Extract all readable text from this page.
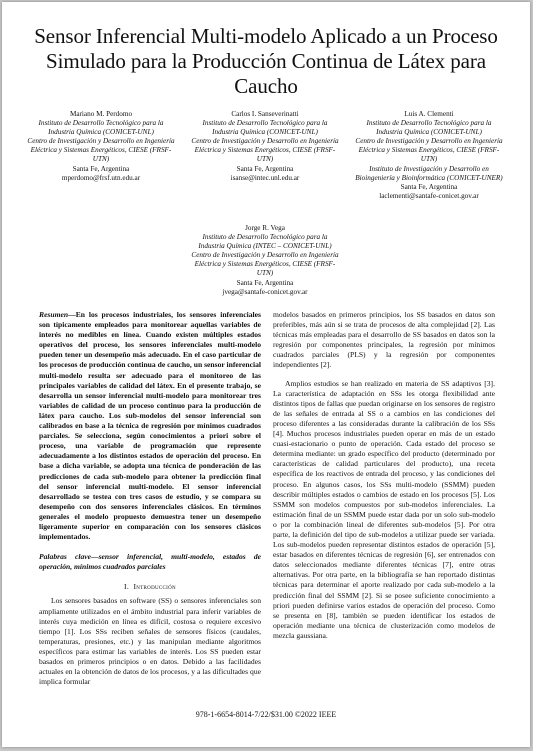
Sensor Inferencial Multi-modelo Aplicado a un Proceso Simulado para la Producción Continua de Látex para Caucho
Mariano M. Perdomo
Instituto de Desarrollo Tecnológico para la Industria Química (CONICET-UNL)
Centro de Investigación y Desarrollo en Ingeniería Eléctrica y Sistemas Energéticos, CIESE (FRSF-UTN)
Santa Fe, Argentina
mperdomo@frsf.utn.edu.ar
Carlos I. Sanseverinatti
Instituto de Desarrollo Tecnológico para la Industria Química (CONICET-UNL)
Centro de Investigación y Desarrollo en Ingeniería Eléctrica y Sistemas Energéticos, CIESE (FRSF-UTN)
Santa Fe, Argentina
isanse@intec.unl.edu.ar
Luis A. Clementi
Instituto de Desarrollo Tecnológico para la Industria Química (CONICET-UNL)
Centro de Investigación y Desarrollo en Ingeniería Eléctrica y Sistemas Energéticos, CIESE (FRSF-UTN)
Instituto de Investigación y Desarrollo en Bioingeniería y Bioinformática (CONICET-UNER)
Santa Fe, Argentina
laclementi@santafe-conicet.gov.ar
Jorge R. Vega
Instituto de Desarrollo Tecnológico para la Industria Química (INTEC – CONICET-UNL)
Centro de Investigación y Desarrollo en Ingeniería Eléctrica y Sistemas Energéticos, CIESE (FRSF-UTN)
Santa Fe, Argentina
jvega@santafe-conicet.gov.ar
Resumen—En los procesos industriales, los sensores inferenciales son típicamente empleados para monitorear aquellas variables de interés no medibles en línea. Cuando existen múltiples estados operativos del proceso, los sensores inferenciales multi-modelo pueden tener un desempeño más adecuado. En el caso particular de los procesos de producción continua de caucho, un sensor inferencial multi-modelo resulta ser adecuado para el monitoreo de las principales variables de calidad del látex. En el presente trabajo, se desarrolla un sensor inferencial multi-modelo para monitorear tres variables de calidad de un proceso continuo para la producción de látex para caucho. Los sub-modelos del sensor inferencial son calibrados en base a la técnica de regresión por mínimos cuadrados parciales. Se selecciona, según conocimientos a priori sobre el proceso, una variable de programación que represente adecuadamente a los distintos estados de operación del proceso. En base a dicha variable, se adopta una técnica de ponderación de las predicciones de cada sub-modelo para obtener la predicción final del sensor inferencial multi-modelo. El sensor inferencial desarrollado se testea con tres casos de estudio, y se compara su desempeño con dos sensores inferenciales clásicos. En términos generales el modelo propuesto demuestra tener un desempeño ligeramente superior en comparación con los sensores clásicos implementados.
Palabras clave—sensor inferencial, multi-modelo, estados de operación, mínimos cuadrados parciales
I. Introducción

Los sensores basados en software (SS) o sensores inferenciales son ampliamente utilizados en el ámbito industrial para inferir variables de interés cuya medición en línea es difícil, costosa o requiere excesivo tiempo [1]. Los SSs reciben señales de sensores físicos (caudales, temperaturas, presiones, etc.) y las manipulan mediante algoritmos específicos para estimar las variables de interés. Los SS pueden estar basados en primeros principios o en datos. Debido a las facilidades actuales en la obtención de datos de los procesos, y a las dificultades que implica formular

modelos basados en primeros principios, los SS basados en datos son preferibles, más aún si se trata de procesos de alta complejidad [2]. Las técnicas más empleadas para el desarrollo de SS basados en datos son la regresión por componentes principales, la regresión por mínimos cuadrados parciales (PLS) y la regresión por componentes independientes [2].

Amplios estudios se han realizado en materia de SS adaptivos [3]. La característica de adaptación en SSs les otorga flexibilidad ante distintos tipos de fallas que puedan originarse en los sensores de registro de las señales de entrada al SS o a cambios en las condiciones del proceso diferentes a las consideradas durante la calibración de los SSs [4]. Muchos procesos industriales pueden operar en más de un estado cuasi-estacionario o punto de operación. Cada estado del proceso se determina mediante: un grado específico del producto (determinado por características de calidad particulares del producto), una receta específica de los reactivos de entrada del proceso, y las condiciones del proceso. En algunos casos, los SSs multi-modelo (SSMM) pueden describir múltiples estados o cambios de estado en los procesos [5]. Los SSMM son modelos compuestos por sub-modelos inferenciales. La estimación final de un SSMM puede estar dada por un solo sub-modelo o por la combinación lineal de diferentes sub-modelos [5]. Por otra parte, la definición del tipo de sub-modelos a utilizar puede ser variada. Los sub-modelos pueden representar distintos estados de operación [5], estar basados en diferentes técnicas de regresión [6], ser entrenados con datos seleccionados mediante diferentes técnicas [7], entre otras alternativas. Por otra parte, en la bibliografía se han reportado distintas técnicas para determinar el aporte realizado por cada sub-modelo a la predicción final del SSMM [2]. Si se posee suficiente conocimiento a priori pueden definirse varios estados de operación del proceso. Como se presenta en [8], también se pueden identificar los estados de operación mediante una técnica de clusterización como modelos de mezcla gaussiana.

978-1-6654-8014-7/22/$31.00 ©2022 IEEE
